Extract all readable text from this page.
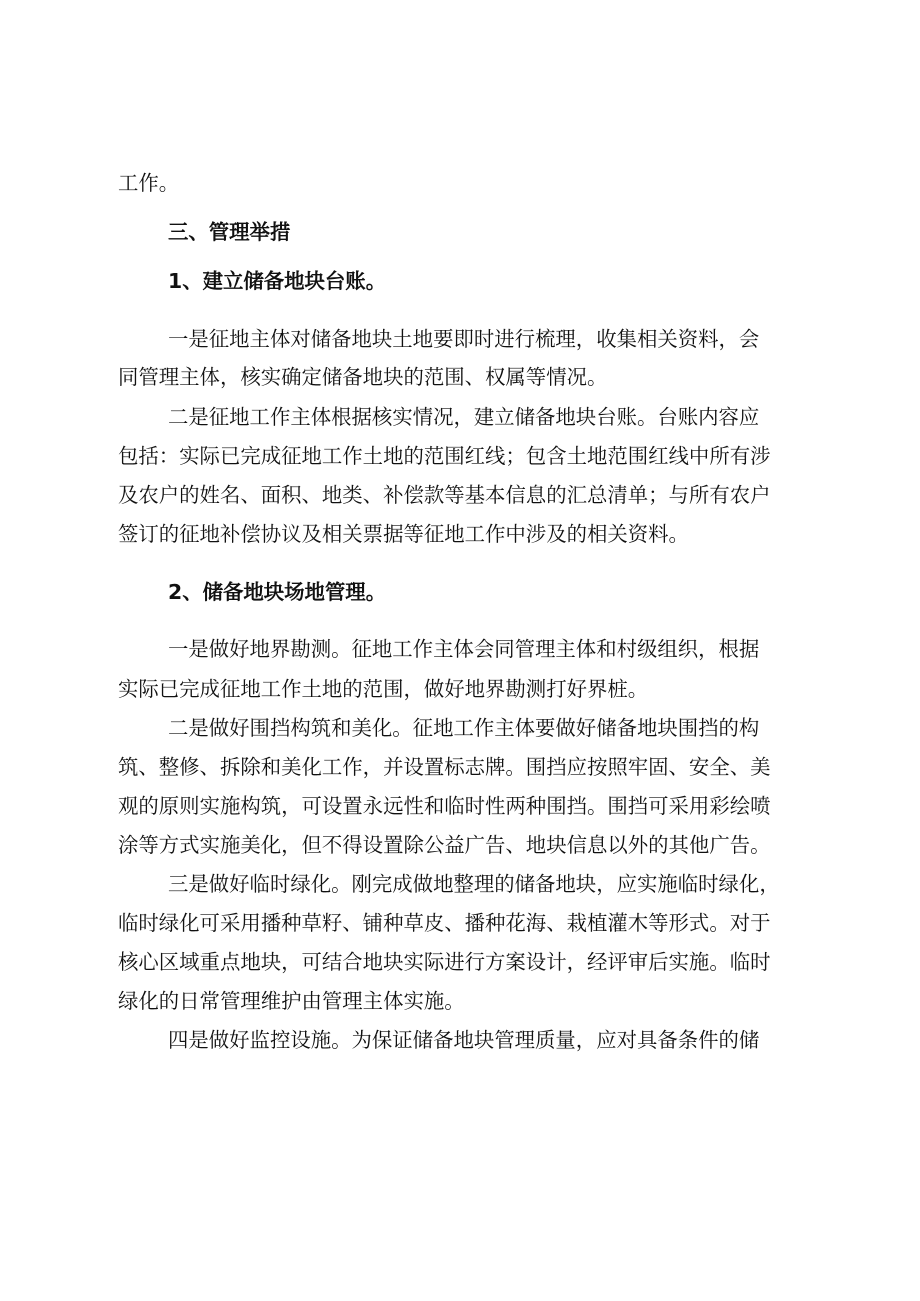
工作。
三、管理举措
1、建立储备地块台账。
一是征地主体对储备地块土地要即时进行梳理，收集相关资料，会
同管理主体，核实确定储备地块的范围、权属等情况。
二是征地工作主体根据核实情况，建立储备地块台账。台账内容应
包括：实际已完成征地工作土地的范围红线；包含土地范围红线中所有涉
及农户的姓名、面积、地类、补偿款等基本信息的汇总清单；与所有农户
签订的征地补偿协议及相关票据等征地工作中涉及的相关资料。
2、储备地块场地管理。
一是做好地界勘测。征地工作主体会同管理主体和村级组织，根据
实际已完成征地工作土地的范围，做好地界勘测打好界桩。
二是做好围挡构筑和美化。征地工作主体要做好储备地块围挡的构
筑、整修、拆除和美化工作，并设置标志牌。围挡应按照牢固、安全、美
观的原则实施构筑，可设置永远性和临时性两种围挡。围挡可采用彩绘喷
涂等方式实施美化，但不得设置除公益广告、地块信息以外的其他广告。
三是做好临时绿化。刚完成做地整理的储备地块，应实施临时绿化，
临时绿化可采用播种草籽、铺种草皮、播种花海、栽植灌木等形式。对于
核心区域重点地块，可结合地块实际进行方案设计，经评审后实施。临时
绿化的日常管理维护由管理主体实施。
四是做好监控设施。为保证储备地块管理质量，应对具备条件的储
